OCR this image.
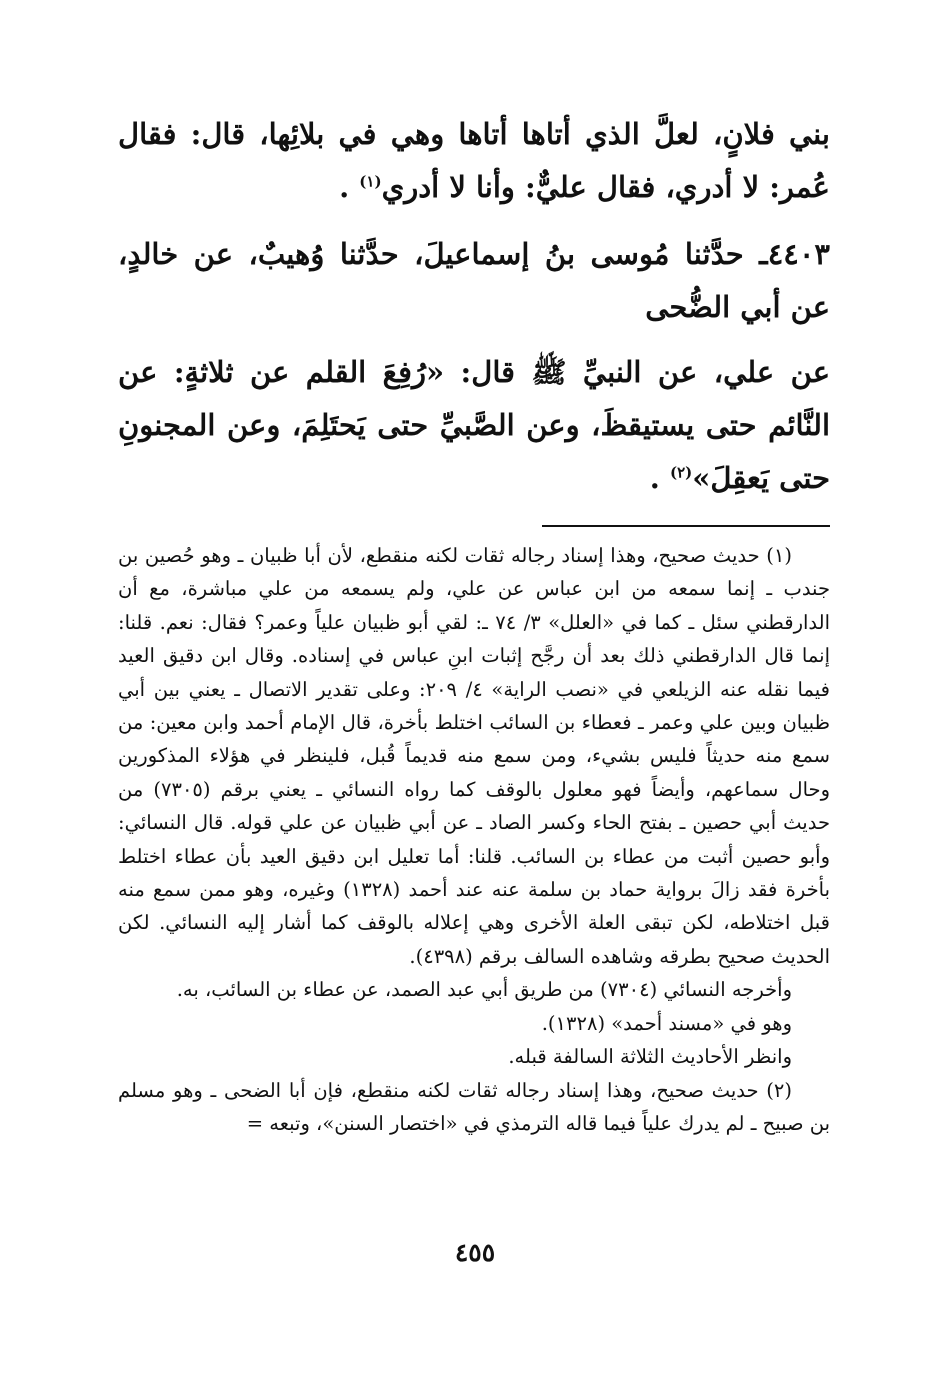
بني فلانٍ، لعلَّ الذي أتاها أتاها وهي في بلائِها، قال: فقال عُمر: لا أدري، فقال عليٌّ: وأنا لا أدري$^{(١)}$ .

٤٤٠٣ـ حدَّثنا مُوسى بنُ إسماعيلَ، حدَّثنا وُهيبٌ، عن خالدٍ، عن أبي الضُّحى

عن علي، عن النبيِّ ﷺ قال: «رُفِعَ القلم عن ثلاثةٍ: عن النَّائم حتى يستيقظَ، وعن الصَّبيِّ حتى يَحتَلِمَ، وعن المجنونِ حتى يَعقِلَ»$^{(٢)}$ .

(١) حديث صحيح، وهذا إسناد رجاله ثقات لكنه منقطع، لأن أبا ظبيان ـ وهو حُصين بن جندب ـ إنما سمعه من ابن عباس عن علي، ولم يسمعه من علي مباشرة، مع أن الدارقطني سئل ـ كما في «العلل» ٣/ ٧٤ ـ: لقي أبو ظبيان علياً وعمر؟ فقال: نعم. قلنا: إنما قال الدارقطني ذلك بعد أن رجَّح إثبات ابنِ عباس في إسناده. وقال ابن دقيق العيد فيما نقله عنه الزيلعي في «نصب الراية» ٤/ ٢٠٩: وعلى تقدير الاتصال ـ يعني بين أبي ظبيان وبين علي وعمر ـ فعطاء بن السائب اختلط بأخرة، قال الإمام أحمد وابن معين: من سمع منه حديثاً فليس بشيء، ومن سمع منه قديماً قُبل، فلينظر في هؤلاء المذكورين وحال سماعهم، وأيضاً فهو معلول بالوقف كما رواه النسائي ـ يعني برقم (٧٣٠٥) من حديث أبي حصين ـ بفتح الحاء وكسر الصاد ـ عن أبي ظبيان عن علي قوله. قال النسائي: وأبو حصين أثبت من عطاء بن السائب. قلنا: أما تعليل ابن دقيق العيد بأن عطاء اختلط بأخرة فقد زالَ برواية حماد بن سلمة عنه عند أحمد (١٣٢٨) وغيره، وهو ممن سمع منه قبل اختلاطه، لكن تبقى العلة الأخرى وهي إعلاله بالوقف كما أشار إليه النسائي. لكن الحديث صحيح بطرقه وشاهده السالف برقم (٤٣٩٨).

وأخرجه النسائي (٧٣٠٤) من طريق أبي عبد الصمد، عن عطاء بن السائب، به.

وهو في «مسند أحمد» (١٣٢٨).

وانظر الأحاديث الثلاثة السالفة قبله.

(٢) حديث صحيح، وهذا إسناد رجاله ثقات لكنه منقطع، فإن أبا الضحى ـ وهو مسلم بن صبيح ـ لم يدرك علياً فيما قاله الترمذي في «اختصار السنن»، وتبعه =

٤٥٥
